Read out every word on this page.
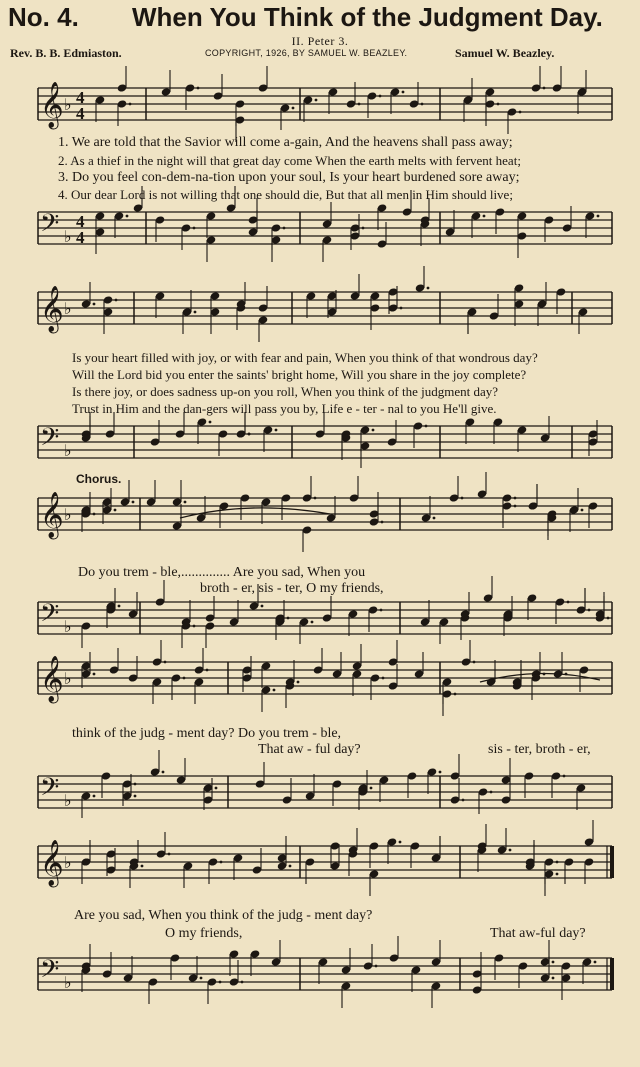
No. 4. When You Think of the Judgment Day.
II. Peter 3.
Rev. B. B. Edmiaston.	COPYRIGHT, 1926, BY SAMUEL W. BEAZLEY.	Samuel W. Beazley.
𝄞 ♭ 4
4
𝄢 ♭
4
4
𝄞 ♭
𝄢 ♭
𝄞 ♭
𝄢 ♭
𝄞 ♭
𝄢 ♭
𝄞 ♭
𝄢 ♭
1. We are told that the Savior will come a-gain, And the heavens shall pass away;
2. As a thief in the night will that great day come When the earth melts with fervent heat;
3. Do you feel con-dem-na-tion upon your soul, Is your heart burdened sore away;
4. Our dear Lord is not willing that one should die, But that all men in Him should live;
Is your heart filled with joy, or with fear and pain, When you think of that wondrous day?
Will the Lord bid you enter the saints' bright home, Will you share in the joy complete?
Is there joy, or does sadness up-on you roll, When you think of the judgment day?
Trust in Him and the dan-gers will pass you by, Life e - ter - nal to you He'll give.
Chorus.
Do you trem - ble,.............. Are you sad, When you
broth - er, sis - ter, O my friends,
think of the judg - ment day? Do you trem - ble,
That aw - ful day?	sis - ter, broth - er,
Are you sad, When you think of the judg - ment day?
O my friends,	That aw-ful day?
